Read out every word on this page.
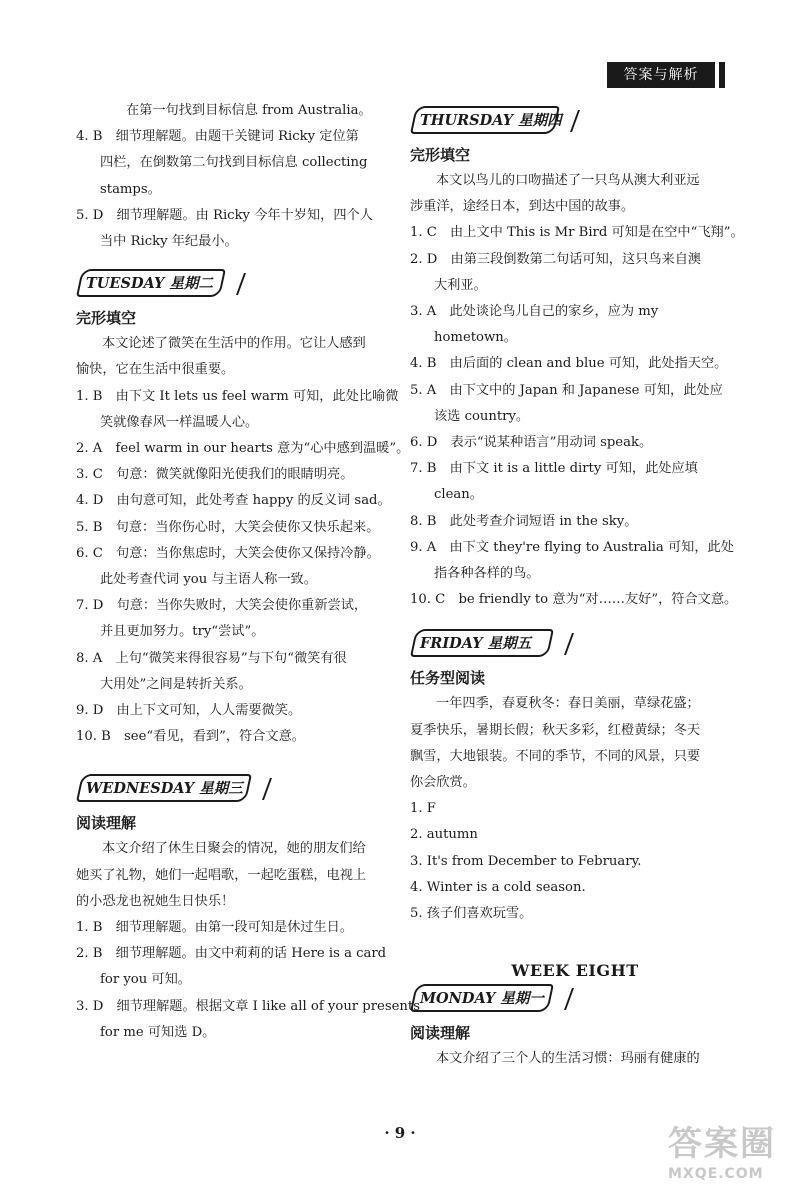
答案与解析
在第一句找到目标信息 from Australia。
4. B　细节理解题。由题干关键词 Ricky 定位第
四栏，在倒数第二句找到目标信息 collecting
stamps。
5. D　细节理解题。由 Ricky 今年十岁知，四个人
当中 Ricky 年纪最小。
TUESDAY 星期二
完形填空
本文论述了微笑在生活中的作用。它让人感到
愉快，它在生活中很重要。
1. B　由下文 It lets us feel warm 可知，此处比喻微
笑就像春风一样温暖人心。
2. A　feel warm in our hearts 意为“心中感到温暖”。
3. C　句意：微笑就像阳光使我们的眼睛明亮。
4. D　由句意可知，此处考查 happy 的反义词 sad。
5. B　句意：当你伤心时，大笑会使你又快乐起来。
6. C　句意：当你焦虑时，大笑会使你又保持冷静。
此处考查代词 you 与主语人称一致。
7. D　句意：当你失败时，大笑会使你重新尝试，
并且更加努力。try“尝试”。
8. A　上句“微笑来得很容易”与下句“微笑有很
大用处”之间是转折关系。
9. D　由上下文可知，人人需要微笑。
10. B　see“看见，看到”，符合文意。
WEDNESDAY 星期三
阅读理解
本文介绍了休生日聚会的情况，她的朋友们给
她买了礼物，她们一起唱歌，一起吃蛋糕，电视上
的小恐龙也祝她生日快乐！
1. B　细节理解题。由第一段可知是休过生日。
2. B　细节理解题。由文中莉莉的话 Here is a card
for you 可知。
3. D　细节理解题。根据文章 I like all of your presents
for me 可知选 D。
THURSDAY 星期四
完形填空
本文以鸟儿的口吻描述了一只鸟从澳大利亚远
涉重洋，途经日本，到达中国的故事。
1. C　由上文中 This is Mr Bird 可知是在空中“飞翔”。
2. D　由第三段倒数第二句话可知，这只鸟来自澳
大利亚。
3. A　此处谈论鸟儿自己的家乡，应为 my
hometown。
4. B　由后面的 clean and blue 可知，此处指天空。
5. A　由下文中的 Japan 和 Japanese 可知，此处应
该选 country。
6. D　表示“说某种语言”用动词 speak。
7. B　由下文 it is a little dirty 可知，此处应填
clean。
8. B　此处考查介词短语 in the sky。
9. A　由下文 they're flying to Australia 可知，此处
指各种各样的鸟。
10. C　be friendly to 意为“对……友好”，符合文意。
FRIDAY 星期五
任务型阅读
一年四季，春夏秋冬：春日美丽，草绿花盛；
夏季快乐，暑期长假；秋天多彩，红橙黄绿；冬天
飘雪，大地银装。不同的季节，不同的风景，只要
你会欣赏。
1. F
2. autumn
3. It's from December to February.
4. Winter is a cold season.
5. 孩子们喜欢玩雪。
WEEK EIGHT
MONDAY 星期一
阅读理解
本文介绍了三个人的生活习惯：玛丽有健康的
· 9 ·	答案圈
MXQE.COM
